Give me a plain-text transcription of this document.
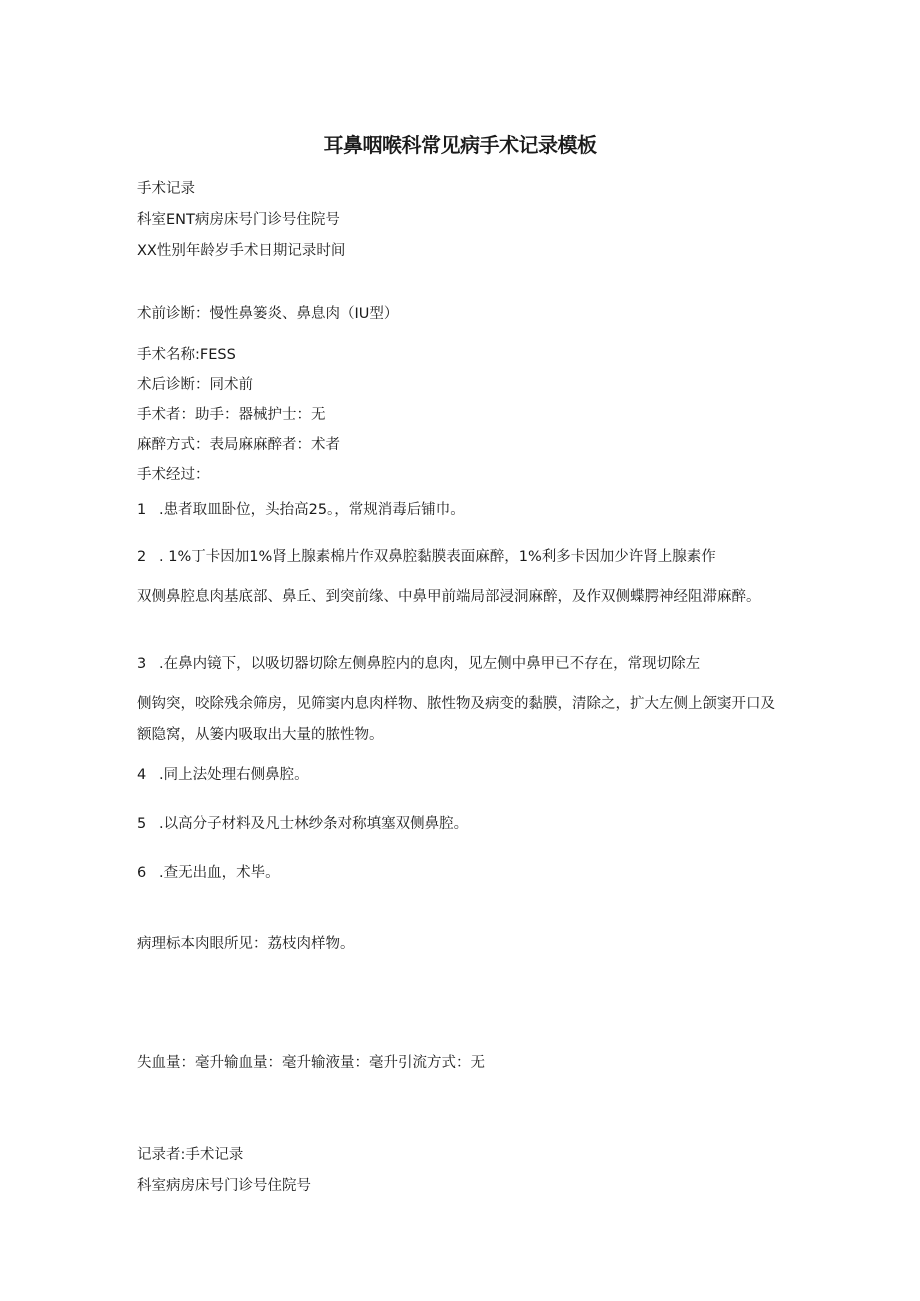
耳鼻咽喉科常见病手术记录模板
手术记录
科室ENT病房床号门诊号住院号
XX性别年龄岁手术日期记录时间
术前诊断：慢性鼻篓炎、鼻息肉（IU型）
手术名称:FESS
术后诊断：同术前
手术者：助手：器械护士：无
麻醉方式：表局麻麻醉者：术者
手术经过：
1 .患者取皿卧位，头抬高25。，常规消毒后铺巾。
2 . 1%丁卡因加1%肾上腺素棉片作双鼻腔黏膜表面麻醉，1%利多卡因加少许肾上腺素作
双侧鼻腔息肉基底部、鼻丘、到突前缘、中鼻甲前端局部浸洞麻醉，及作双侧蝶腭神经阻滞麻醉。
3 .在鼻内镜下，以吸切器切除左侧鼻腔内的息肉，见左侧中鼻甲已不存在，常现切除左
侧钩突，咬除残余筛房，见筛窦内息肉样物、脓性物及病变的黏膜，清除之，扩大左侧上颌窦开口及额隐窝，从篓内吸取出大量的脓性物。
4 .同上法处理右侧鼻腔。
5 .以高分子材料及凡士林纱条对称填塞双侧鼻腔。
6 .查无出血，术毕。
病理标本肉眼所见：荔枝肉样物。
失血量：毫升输血量：毫升输液量：毫升引流方式：无
记录者:手术记录
科室病房床号门诊号住院号
